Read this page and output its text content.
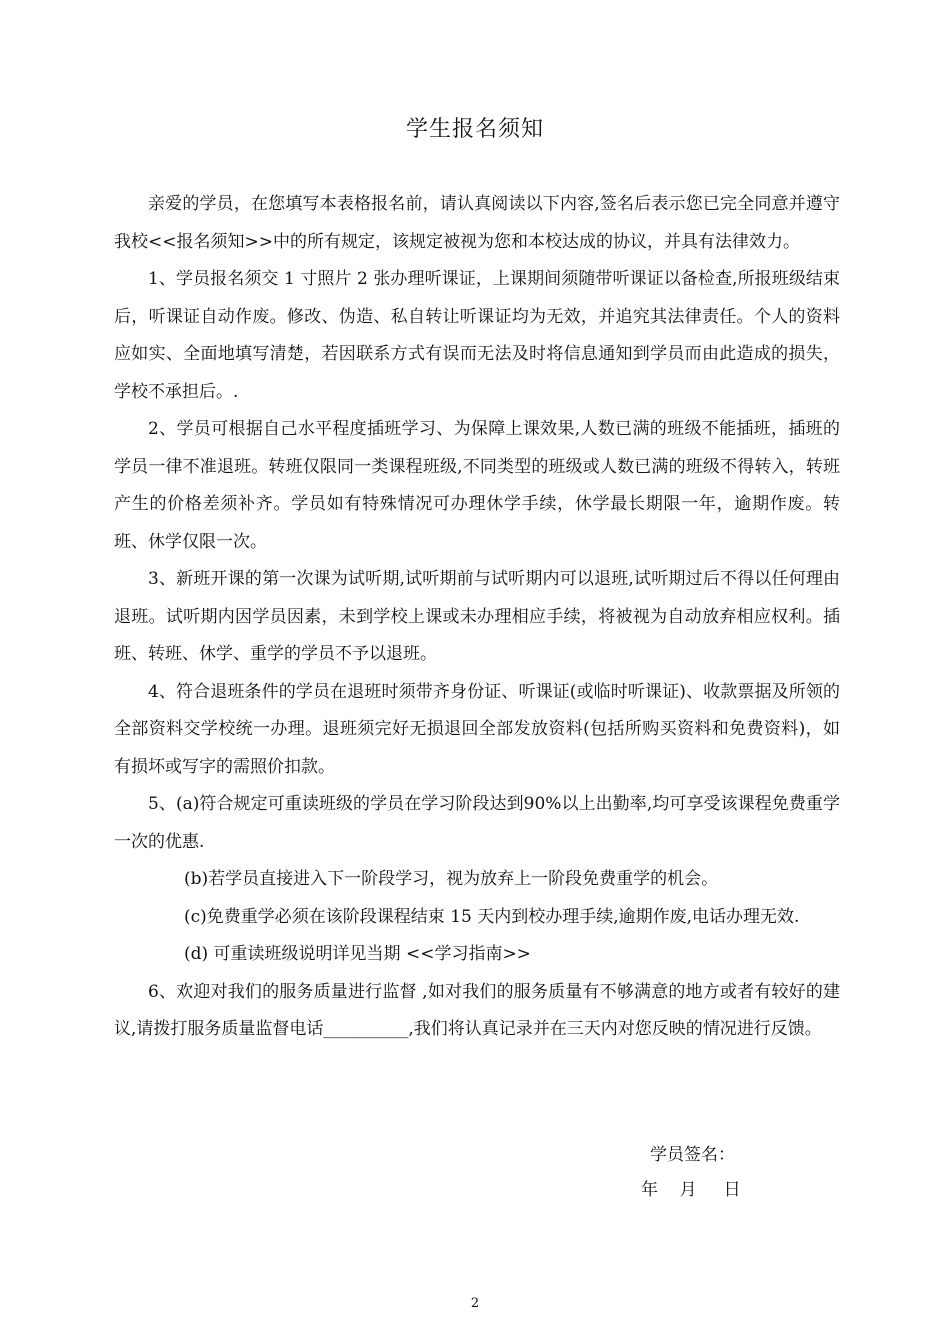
学生报名须知

亲爱的学员，在您填写本表格报名前，请认真阅读以下内容,签名后表示您已完全同意并遵守我校<<报名须知>>中的所有规定，该规定被视为您和本校达成的协议，并具有法律效力。

1、学员报名须交 1 寸照片 2 张办理听课证，上课期间须随带听课证以备检查,所报班级结束后，听课证自动作废。修改、伪造、私自转让听课证均为无效，并追究其法律责任。个人的资料应如实、全面地填写清楚，若因联系方式有误而无法及时将信息通知到学员而由此造成的损失，学校不承担后。.

2、学员可根据自己水平程度插班学习、为保障上课效果,人数已满的班级不能插班，插班的学员一律不准退班。转班仅限同一类课程班级,不同类型的班级或人数已满的班级不得转入，转班产生的价格差须补齐。学员如有特殊情况可办理休学手续，休学最长期限一年，逾期作废。转班、休学仅限一次。

3、新班开课的第一次课为试听期,试听期前与试听期内可以退班,试听期过后不得以任何理由退班。试听期内因学员因素，未到学校上课或未办理相应手续，将被视为自动放弃相应权利。插班、转班、休学、重学的学员不予以退班。

4、符合退班条件的学员在退班时须带齐身份证、听课证(或临时听课证)、收款票据及所领的全部资料交学校统一办理。退班须完好无损退回全部发放资料(包括所购买资料和免费资料)，如有损坏或写字的需照价扣款。

5、(a)符合规定可重读班级的学员在学习阶段达到90%以上出勤率,均可享受该课程免费重学一次的优惠.

(b)若学员直接进入下一阶段学习，视为放弃上一阶段免费重学的机会。

(c)免费重学必须在该阶段课程结束 15 天内到校办理手续,逾期作废,电话办理无效.

(d) 可重读班级说明详见当期 <<学习指南>>

6、欢迎对我们的服务质量进行监督 ,如对我们的服务质量有不够满意的地方或者有较好的建议,请拨打服务质量监督电话__________,我们将认真记录并在三天内对您反映的情况进行反馈。

学员签名：
年    月     日
2
